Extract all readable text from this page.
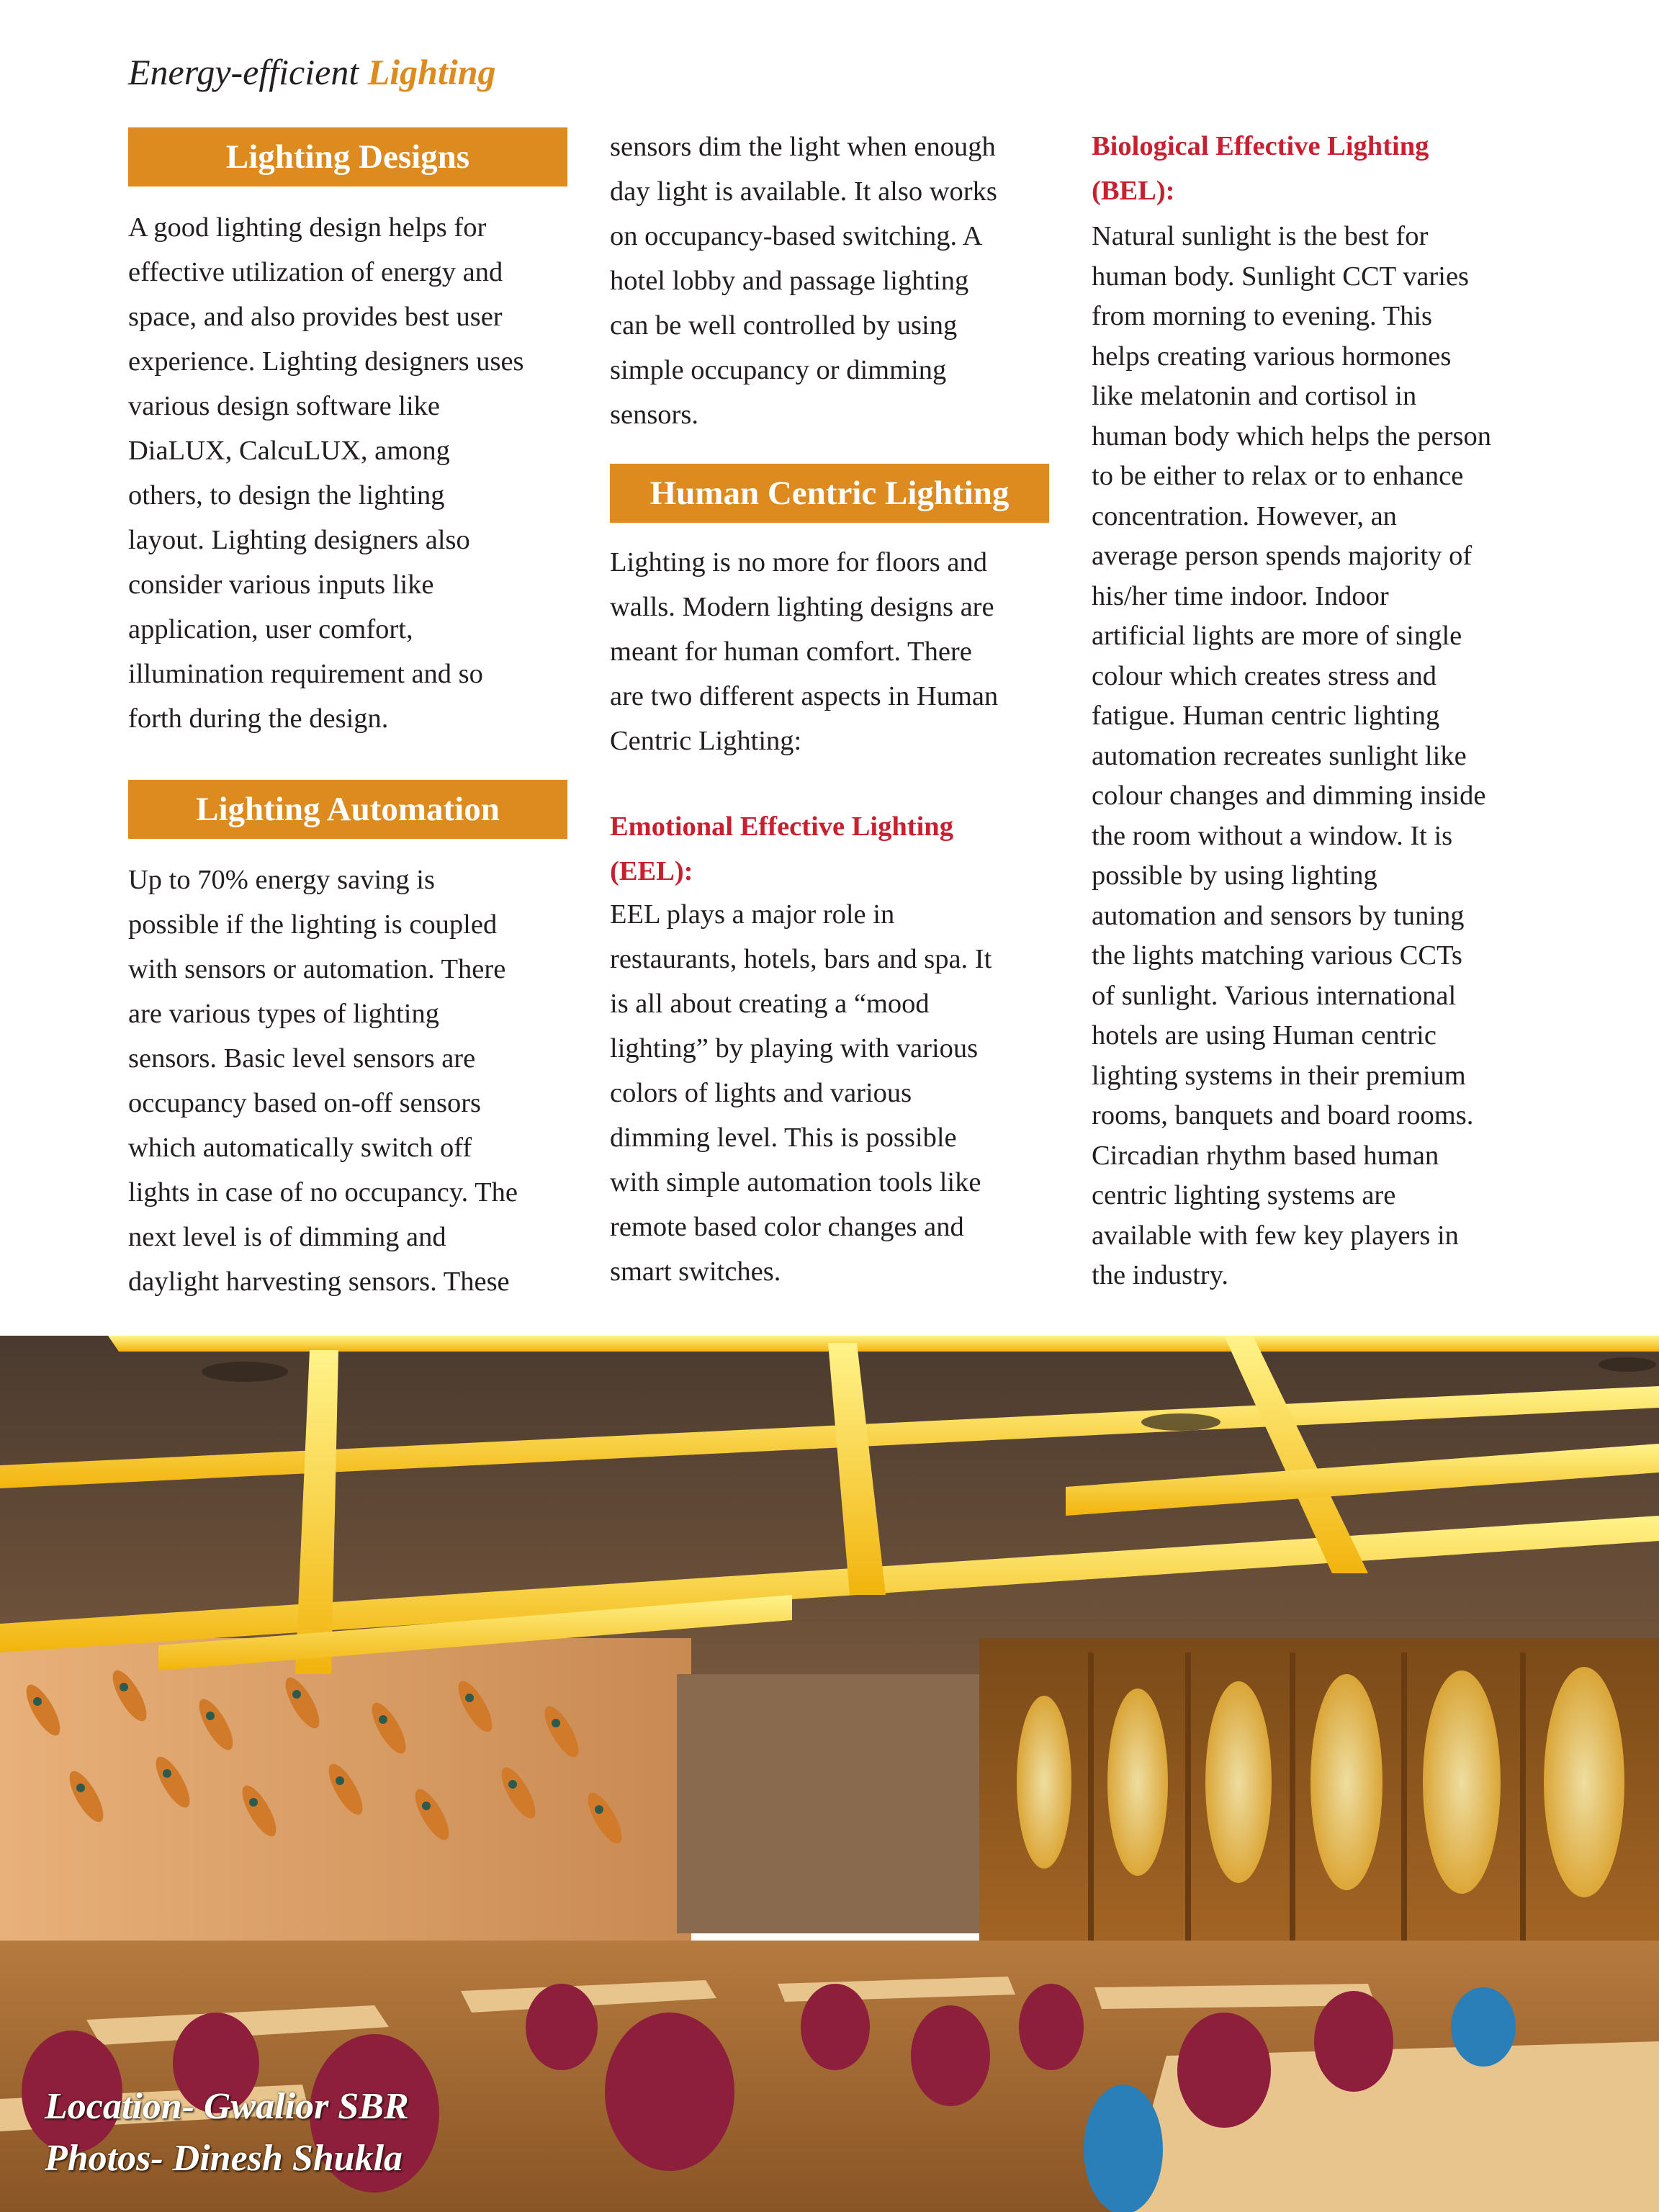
Energy-efficient Lighting
Lighting Designs

A good lighting design helps for
effective utilization of energy and
space, and also provides best user
experience. Lighting designers uses
various design software like
DiaLUX, CalcuLUX, among
others, to design the lighting
layout. Lighting designers also
consider various inputs like
application, user comfort,
illumination requirement and so
forth during the design.

Lighting Automation

Up to 70% energy saving is
possible if the lighting is coupled
with sensors or automation. There
are various types of lighting
sensors. Basic level sensors are
occupancy based on-off sensors
which automatically switch off
lights in case of no occupancy. The
next level is of dimming and
daylight harvesting sensors. These

sensors dim the light when enough
day light is available. It also works
on occupancy-based switching. A
hotel lobby and passage lighting
can be well controlled by using
simple occupancy or dimming
sensors.

Human Centric Lighting

Lighting is no more for floors and
walls. Modern lighting designs are
meant for human comfort. There
are two different aspects in Human
Centric Lighting:

Emotional Effective Lighting
(EEL):

EEL plays a major role in
restaurants, hotels, bars and spa. It
is all about creating a “mood
lighting” by playing with various
colors of lights and various
dimming level. This is possible
with simple automation tools like
remote based color changes and
smart switches.

Biological Effective Lighting
(BEL):

Natural sunlight is the best for
human body. Sunlight CCT varies
from morning to evening. This
helps creating various hormones
like melatonin and cortisol in
human body which helps the person
to be either to relax or to enhance
concentration. However, an
average person spends majority of
his/her time indoor. Indoor
artificial lights are more of single
colour which creates stress and
fatigue. Human centric lighting
automation recreates sunlight like
colour changes and dimming inside
the room without a window. It is
possible by using lighting
automation and sensors by tuning
the lights matching various CCTs
of sunlight. Various international
hotels are using Human centric
lighting systems in their premium
rooms, banquets and board rooms.
Circadian rhythm based human
centric lighting systems are
available with few key players in
the industry.

Location- Gwalior SBR
Photos- Dinesh Shukla
